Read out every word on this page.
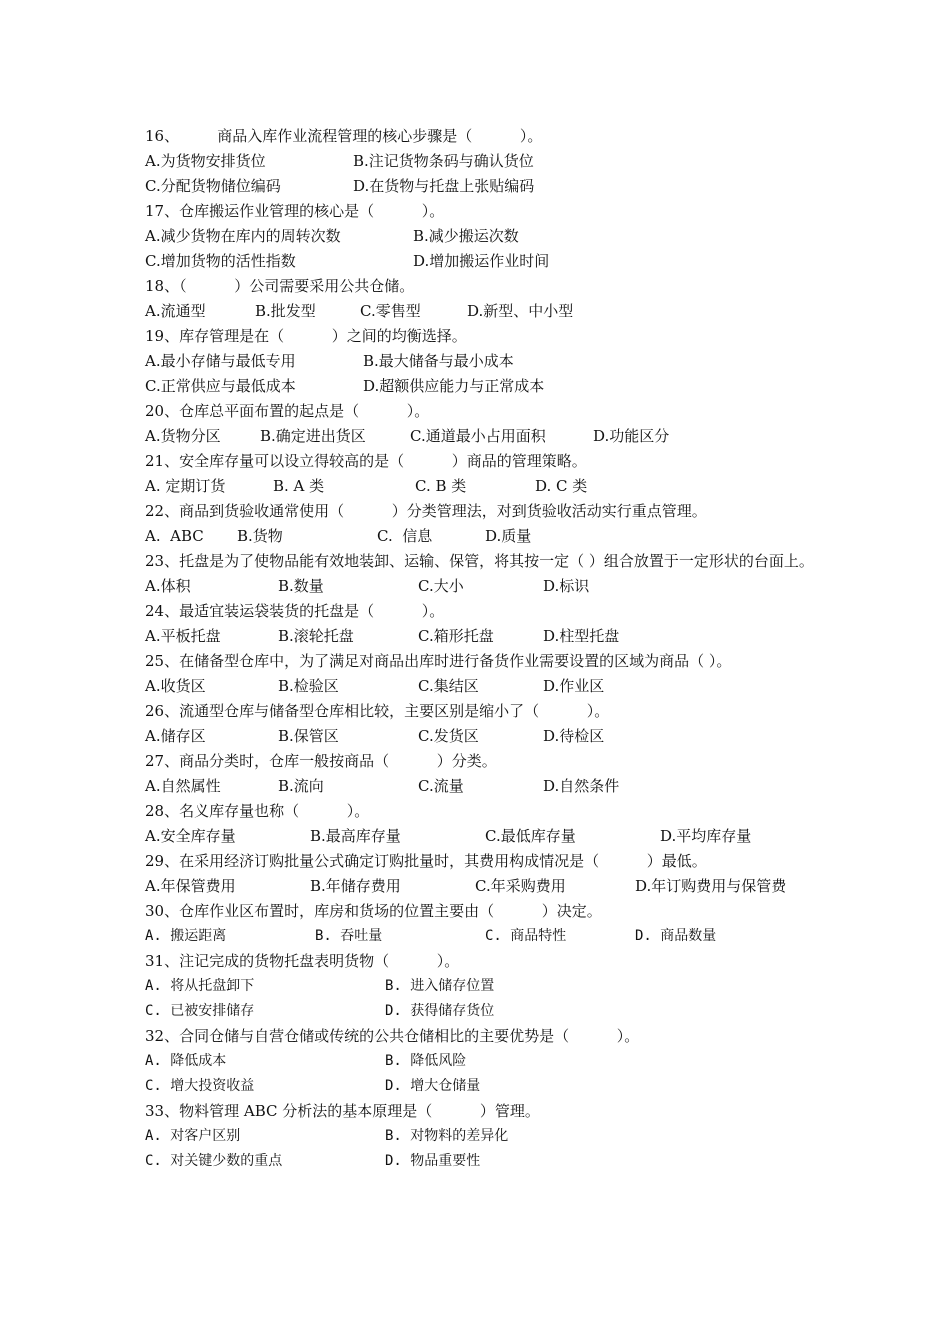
16、        商品入库作业流程管理的核心步骤是（          ）。
A.为货物安排货位	B.注记货物条码与确认货位
C.分配货物储位编码	D.在货物与托盘上张贴编码
17、仓库搬运作业管理的核心是（          ）。
A.减少货物在库内的周转次数	B.减少搬运次数
C.增加货物的活性指数	D.增加搬运作业时间
18、（          ）公司需要采用公共仓储。
A.流通型	B.批发型	C.零售型	D.新型、中小型
19、库存管理是在（          ）之间的均衡选择。
A.最小存储与最低专用	B.最大储备与最小成本
C.正常供应与最低成本	D.超额供应能力与正常成本
20、仓库总平面布置的起点是（          ）。
A.货物分区	B.确定进出货区	C.通道最小占用面积	D.功能区分
21、安全库存量可以设立得较高的是（          ）商品的管理策略。
A. 定期订货	B. A 类	C. B 类	D. C 类
22、商品到货验收通常使用（          ）分类管理法，对到货验收活动实行重点管理。
A.  ABC B.货物	C.  信息	D.质量
23、托盘是为了使物品能有效地装卸、运输、保管，将其按一定（ ）组合放置于一定形状的台面上。
A.体积	B.数量	C.大小	D.标识
24、最适宜装运袋装货的托盘是（          ）。
A.平板托盘	B.滚轮托盘	C.箱形托盘	D.柱型托盘
25、在储备型仓库中，为了满足对商品出库时进行备货作业需要设置的区域为商品（ ）。
A.收货区	B.检验区	C.集结区	D.作业区
26、流通型仓库与储备型仓库相比较，主要区别是缩小了（          ）。
A.储存区	B.保管区	C.发货区	D.待检区
27、商品分类时，仓库一般按商品（          ）分类。
A.自然属性	B.流向	C.流量	D.自然条件
28、名义库存量也称（          ）。
A.安全库存量	B.最高库存量	C.最低库存量	D.平均库存量
29、在采用经济订购批量公式确定订购批量时，其费用构成情况是（          ）最低。
A.年保管费用	B.年储存费用	C.年采购费用	D.年订购费用与保管费
30、仓库作业区布置时，库房和货场的位置主要由（          ）决定。
A. 搬运距离	B. 吞吐量	C. 商品特性	D. 商品数量
31、注记完成的货物托盘表明货物（          ）。
A. 将从托盘卸下	B. 进入储存位置
C. 已被安排储存	D. 获得储存货位
32、合同仓储与自营仓储或传统的公共仓储相比的主要优势是（          ）。
A. 降低成本	B. 降低风险
C. 增大投资收益	D. 增大仓储量
33、物料管理 ABC 分析法的基本原理是（          ）管理。
A. 对客户区别	B. 对物料的差异化
C. 对关键少数的重点	D. 物品重要性
